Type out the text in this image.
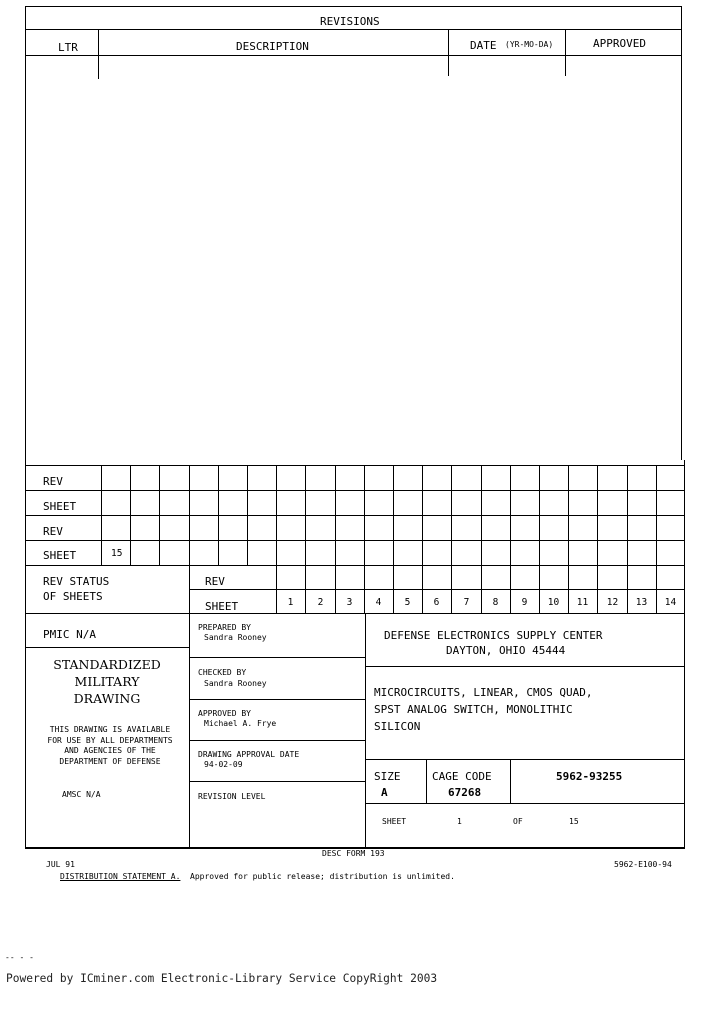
REVISIONS
LTR	DESCRIPTION	DATE (YR-MO-DA)	APPROVED
REV
SHEET
REV
SHEET	15
REV STATUS
OF SHEETS
REV
SHEET	1	2	3	4	5	6	7	8	9	10	11	12	13	14
PMIC N/A
STANDARDIZED
MILITARY
DRAWING
THIS DRAWING IS AVAILABLE
FOR USE BY ALL DEPARTMENTS
AND AGENCIES OF THE
DEPARTMENT OF DEFENSE
AMSC N/A
PREPARED BY
Sandra Rooney
CHECKED BY
Sandra Rooney
APPROVED BY
Michael A. Frye
DRAWING APPROVAL DATE
94-02-09
REVISION LEVEL
DEFENSE ELECTRONICS SUPPLY CENTER
DAYTON, OHIO 45444
MICROCIRCUITS, LINEAR, CMOS QUAD,
SPST ANALOG SWITCH, MONOLITHIC
SILICON
SIZE
A
CAGE CODE
67268
5962-93255
SHEET	1	OF	15
DESC FORM 193
JUL 91	5962-E100-94
DISTRIBUTION STATEMENT A. Approved for public release; distribution is unlimited.
-- - -
Powered by ICminer.com Electronic-Library Service CopyRight 2003
